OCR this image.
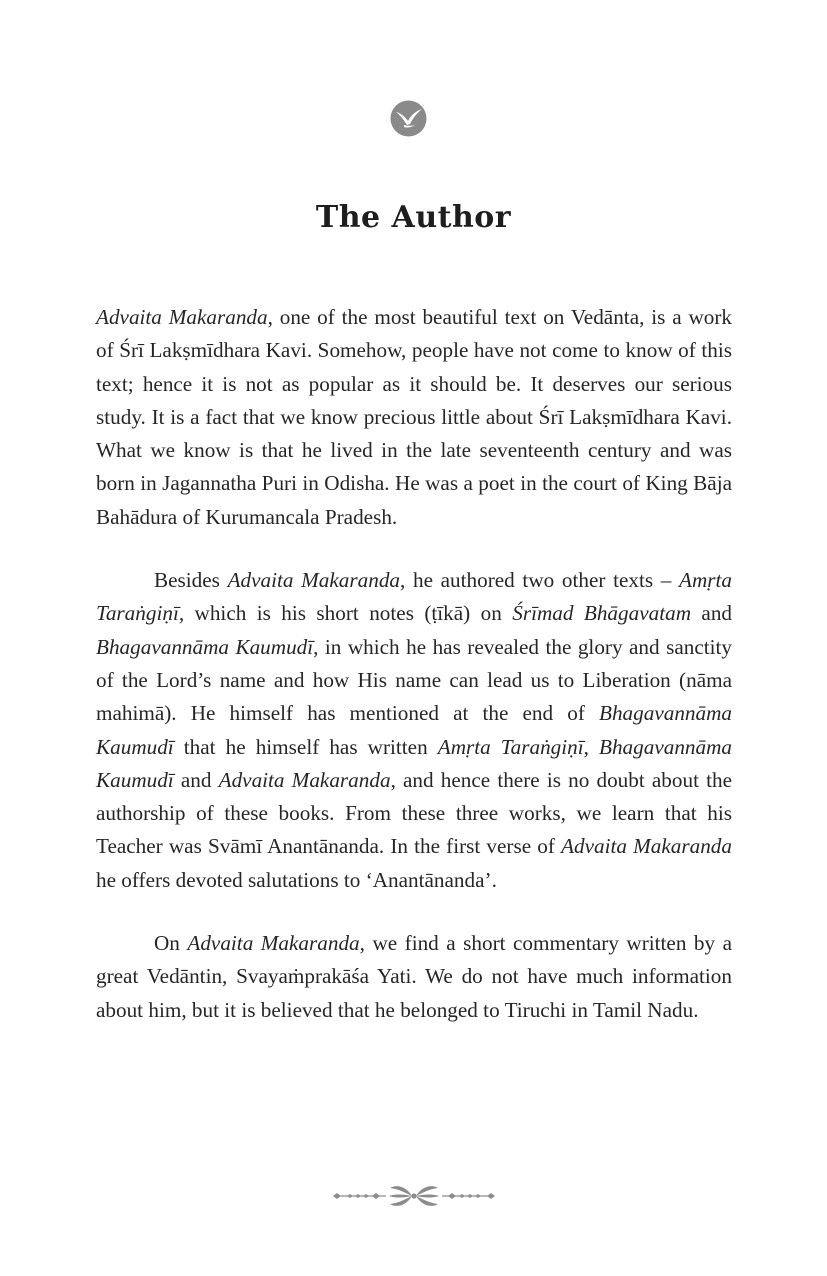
The Author

Advaita Makaranda, one of the most beautiful text on Vedānta, is a work of Śrī Lakṣmīdhara Kavi. Somehow, people have not come to know of this text; hence it is not as popular as it should be. It deserves our serious study. It is a fact that we know precious little about Śrī Lakṣmīdhara Kavi. What we know is that he lived in the late seventeenth century and was born in Jagannatha Puri in Odisha. He was a poet in the court of King Bāja Bahādura of Kurumancala Pradesh.

Besides Advaita Makaranda, he authored two other texts – Amṛta Taraṅgiṇī, which is his short notes (ṭīkā) on Śrīmad Bhāgavatam and Bhagavannāma Kaumudī, in which he has revealed the glory and sanctity of the Lord’s name and how His name can lead us to Liberation (nāma mahimā). He himself has mentioned at the end of Bhagavannāma Kaumudī that he himself has written Amṛta Taraṅgiṇī, Bhagavannāma Kaumudī and Advaita Makaranda, and hence there is no doubt about the authorship of these books. From these three works, we learn that his Teacher was Svāmī Anantānanda. In the first verse of Advaita Makaranda he offers devoted salutations to ‘Anantānanda’.

On Advaita Makaranda, we find a short commentary written by a great Vedāntin, Svayaṁprakāśa Yati. We do not have much information about him, but it is believed that he belonged to Tiruchi in Tamil Nadu.
